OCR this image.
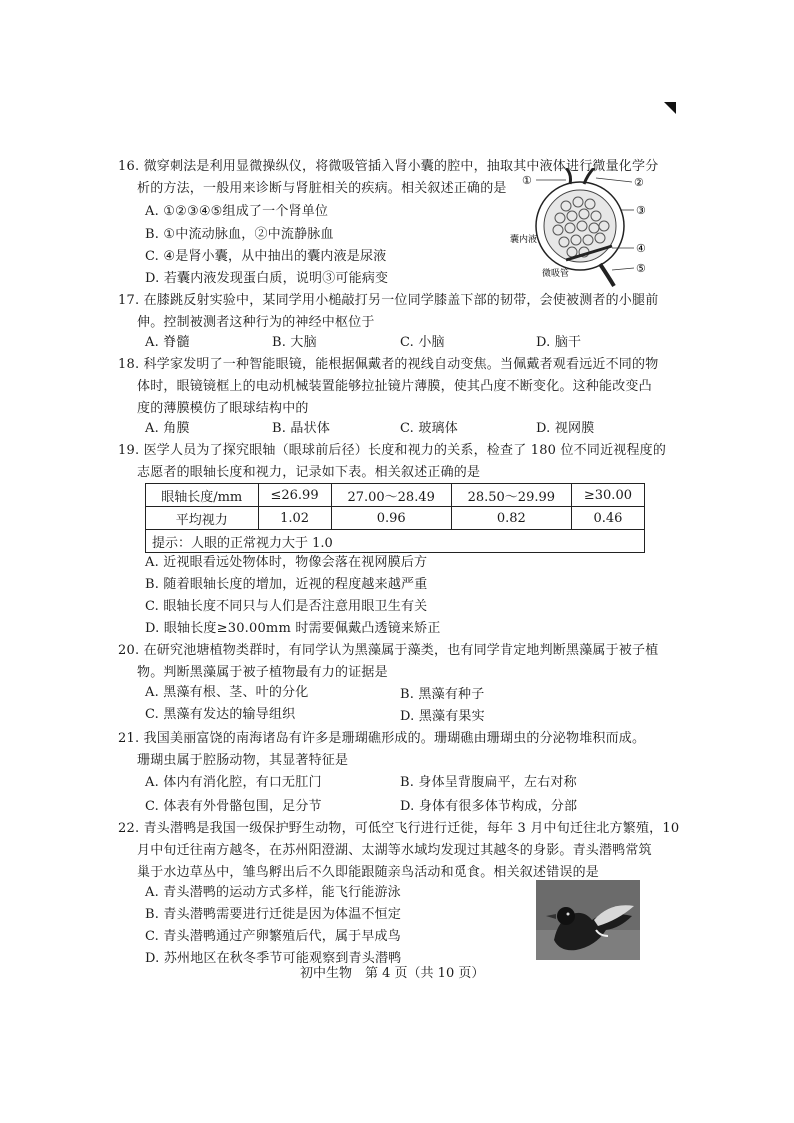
16. 微穿刺法是利用显微操纵仪，将微吸管插入肾小囊的腔中，抽取其中液体进行微量化学分
析的方法，一般用来诊断与肾脏相关的疾病。相关叙述正确的是
A. ①②③④⑤组成了一个肾单位
B. ①中流动脉血，②中流静脉血
C. ④是肾小囊，从中抽出的囊内液是尿液
D. 若囊内液发现蛋白质，说明③可能病变
①	②
③
④
⑤
囊内液
微吸管
17. 在膝跳反射实验中，某同学用小槌敲打另一位同学膝盖下部的韧带，会使被测者的小腿前
伸。控制被测者这种行为的神经中枢位于
A. 脊髓	B. 大脑	C. 小脑	D. 脑干
18. 科学家发明了一种智能眼镜，能根据佩戴者的视线自动变焦。当佩戴者观看远近不同的物
体时，眼镜镜框上的电动机械装置能够拉扯镜片薄膜，使其凸度不断变化。这种能改变凸
度的薄膜模仿了眼球结构中的
A. 角膜	B. 晶状体	C. 玻璃体	D. 视网膜
19. 医学人员为了探究眼轴（眼球前后径）长度和视力的关系，检查了 180 位不同近视程度的
志愿者的眼轴长度和视力，记录如下表。相关叙述正确的是
眼轴长度/mm	≤26.99	27.00～28.49	28.50～29.99	≥30.00
平均视力	1.02	0.96	0.82	0.46
提示：人眼的正常视力大于 1.0				
A. 近视眼看远处物体时，物像会落在视网膜后方
B. 随着眼轴长度的增加，近视的程度越来越严重
C. 眼轴长度不同只与人们是否注意用眼卫生有关
D. 眼轴长度≥30.00mm 时需要佩戴凸透镜来矫正
20. 在研究池塘植物类群时，有同学认为黑藻属于藻类，也有同学肯定地判断黑藻属于被子植
物。判断黑藻属于被子植物最有力的证据是
A. 黑藻有根、茎、叶的分化	B. 黑藻有种子
C. 黑藻有发达的输导组织	D. 黑藻有果实
21. 我国美丽富饶的南海诸岛有许多是珊瑚礁形成的。珊瑚礁由珊瑚虫的分泌物堆积而成。
珊瑚虫属于腔肠动物，其显著特征是
A. 体内有消化腔，有口无肛门	B. 身体呈背腹扁平，左右对称
C. 体表有外骨骼包围，足分节	D. 身体有很多体节构成，分部
22. 青头潜鸭是我国一级保护野生动物，可低空飞行进行迁徙，每年 3 月中旬迁往北方繁殖，10
月中旬迁往南方越冬，在苏州阳澄湖、太湖等水域均发现过其越冬的身影。青头潜鸭常筑
巢于水边草丛中，雏鸟孵出后不久即能跟随亲鸟活动和觅食。相关叙述错误的是
A. 青头潜鸭的运动方式多样，能飞行能游泳
B. 青头潜鸭需要进行迁徙是因为体温不恒定
C. 青头潜鸭通过产卵繁殖后代，属于早成鸟
D. 苏州地区在秋冬季节可能观察到青头潜鸭
初中生物　第 4 页（共 10 页）
